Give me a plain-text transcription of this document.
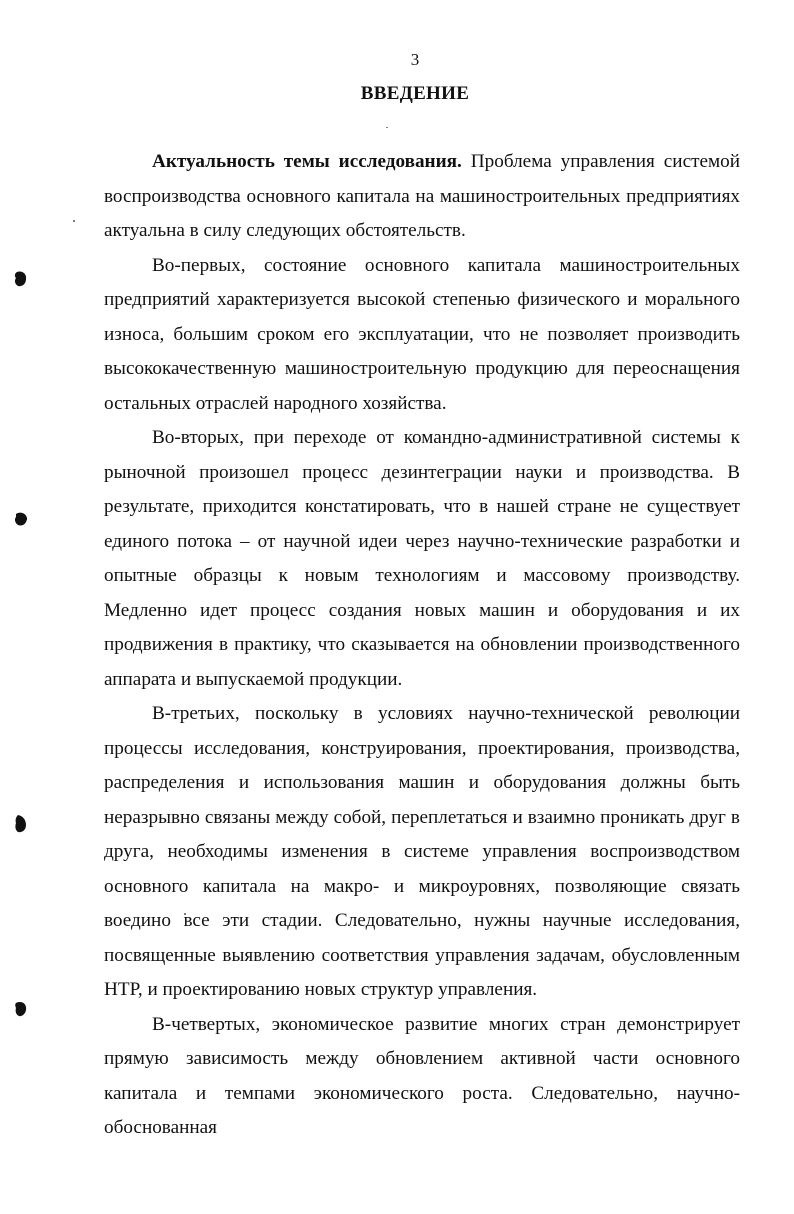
3
ВВЕДЕНИЕ

Актуальность темы исследования. Проблема управления системой воспроизводства основного капитала на машиностроительных предприятиях актуальна в силу следующих обстоятельств.

Во-первых, состояние основного капитала машиностроительных предприятий характеризуется высокой степенью физического и морального износа, большим сроком его эксплуатации, что не позволяет производить высококачественную машиностроительную продукцию для переоснащения остальных отраслей народного хозяйства.

Во-вторых, при переходе от командно-административной системы к рыночной произошел процесс дезинтеграции науки и производства. В результате, приходится констатировать, что в нашей стране не существует единого потока – от научной идеи через научно-технические разработки и опытные образцы к новым технологиям и массовому производству. Медленно идет процесс создания новых машин и оборудования и их продвижения в практику, что сказывается на обновлении производственного аппарата и выпускаемой продукции.

В-третьих, поскольку в условиях научно-технической революции процессы исследования, конструирования, проектирования, производства, распределения и использования машин и оборудования должны быть неразрывно связаны между собой, переплетаться и взаимно проникать друг в друга, необходимы изменения в системе управления воспроизводством основного капитала на макро- и микроуровнях, позволяющие связать воедино все эти стадии. Следовательно, нужны научные исследования, посвященные выявлению соответствия управления задачам, обусловленным НТР, и проектированию новых структур управления.

В-четвертых, экономическое развитие многих стран демонстрирует прямую зависимость между обновлением активной части основного капитала и темпами экономического роста. Следовательно, научно-обоснованная
